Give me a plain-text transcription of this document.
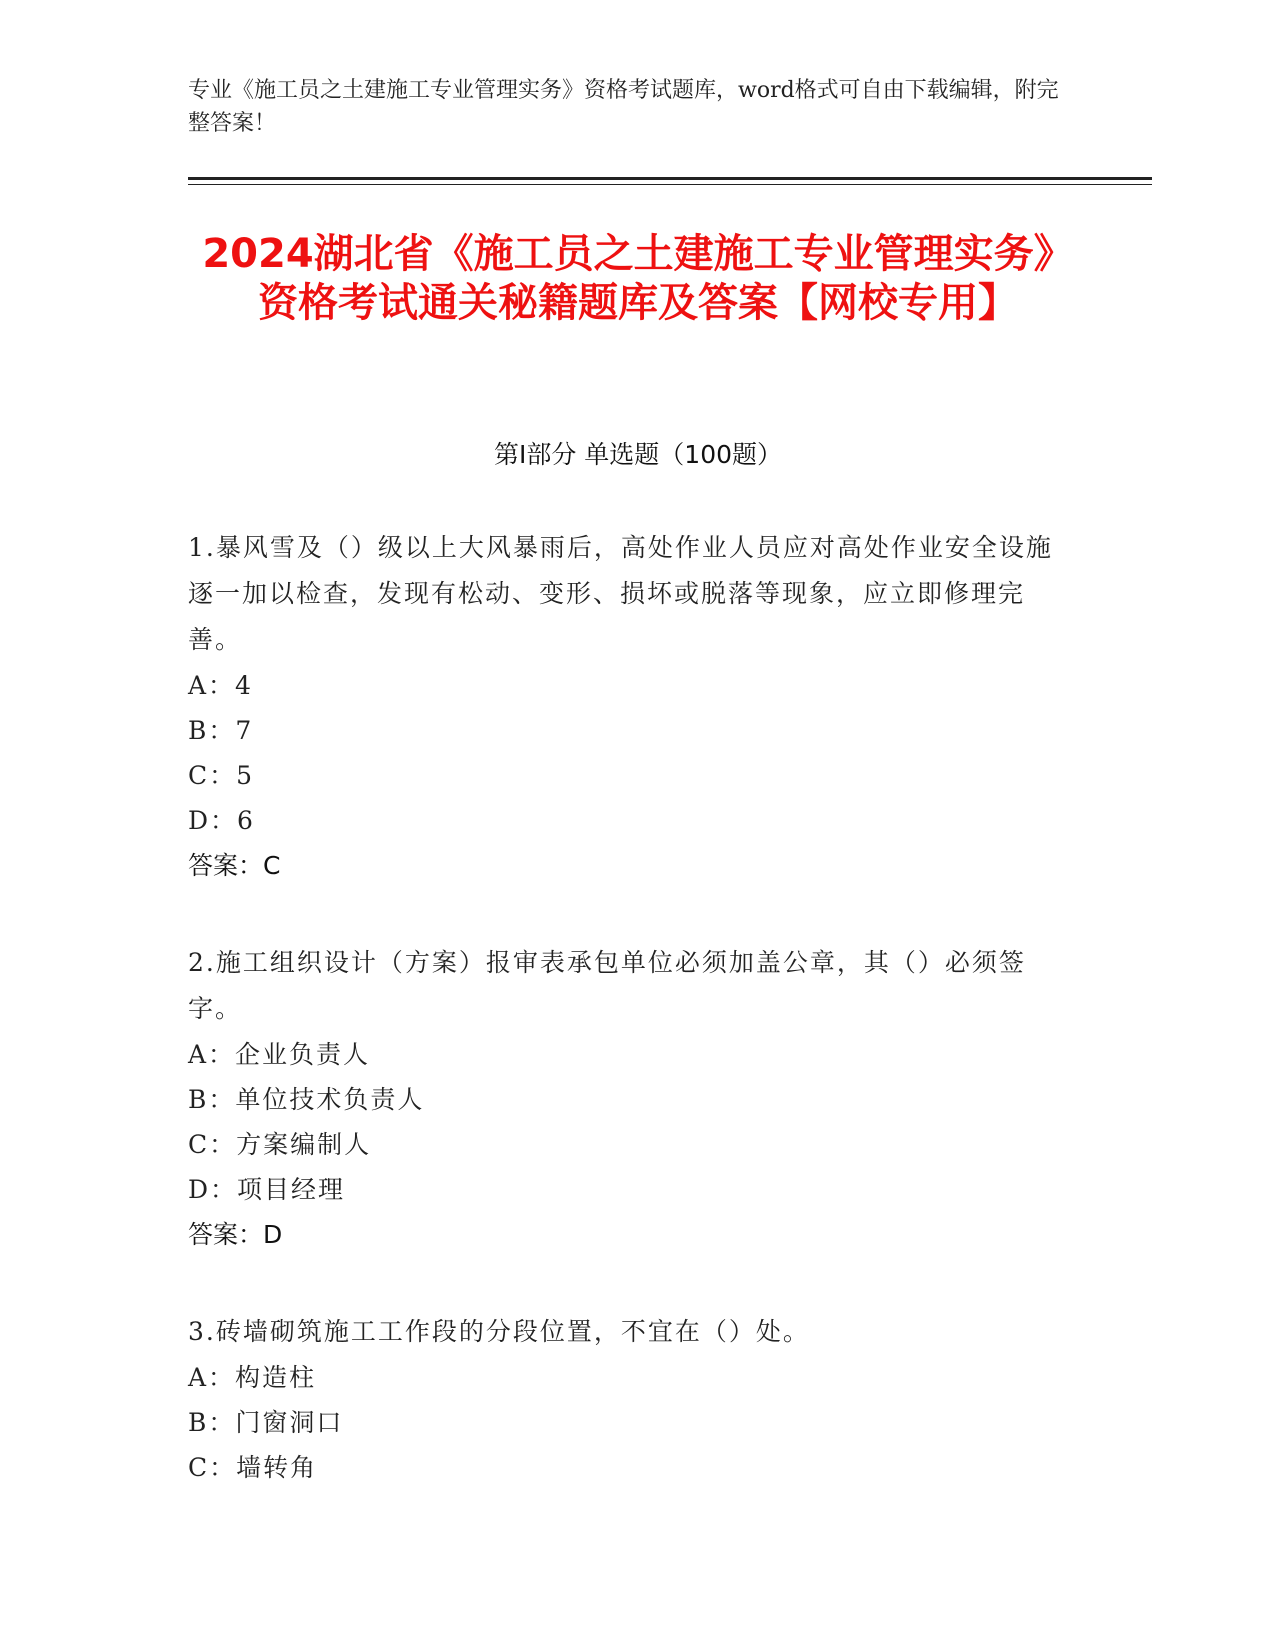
专业《施工员之土建施工专业管理实务》资格考试题库，word格式可自由下载编辑，附完整答案！
2024湖北省《施工员之土建施工专业管理实务》资格考试通关秘籍题库及答案【网校专用】
第Ⅰ部分 单选题（100题）
1.暴风雪及（）级以上大风暴雨后，高处作业人员应对高处作业安全设施逐一加以检查，发现有松动、变形、损坏或脱落等现象，应立即修理完善。
A：4
B：7
C：5
D：6
答案：C
2.施工组织设计（方案）报审表承包单位必须加盖公章，其（）必须签字。
A：企业负责人
B：单位技术负责人
C：方案编制人
D：项目经理
答案：D
3.砖墙砌筑施工工作段的分段位置，不宜在（）处。
A：构造柱
B：门窗洞口
C：墙转角
